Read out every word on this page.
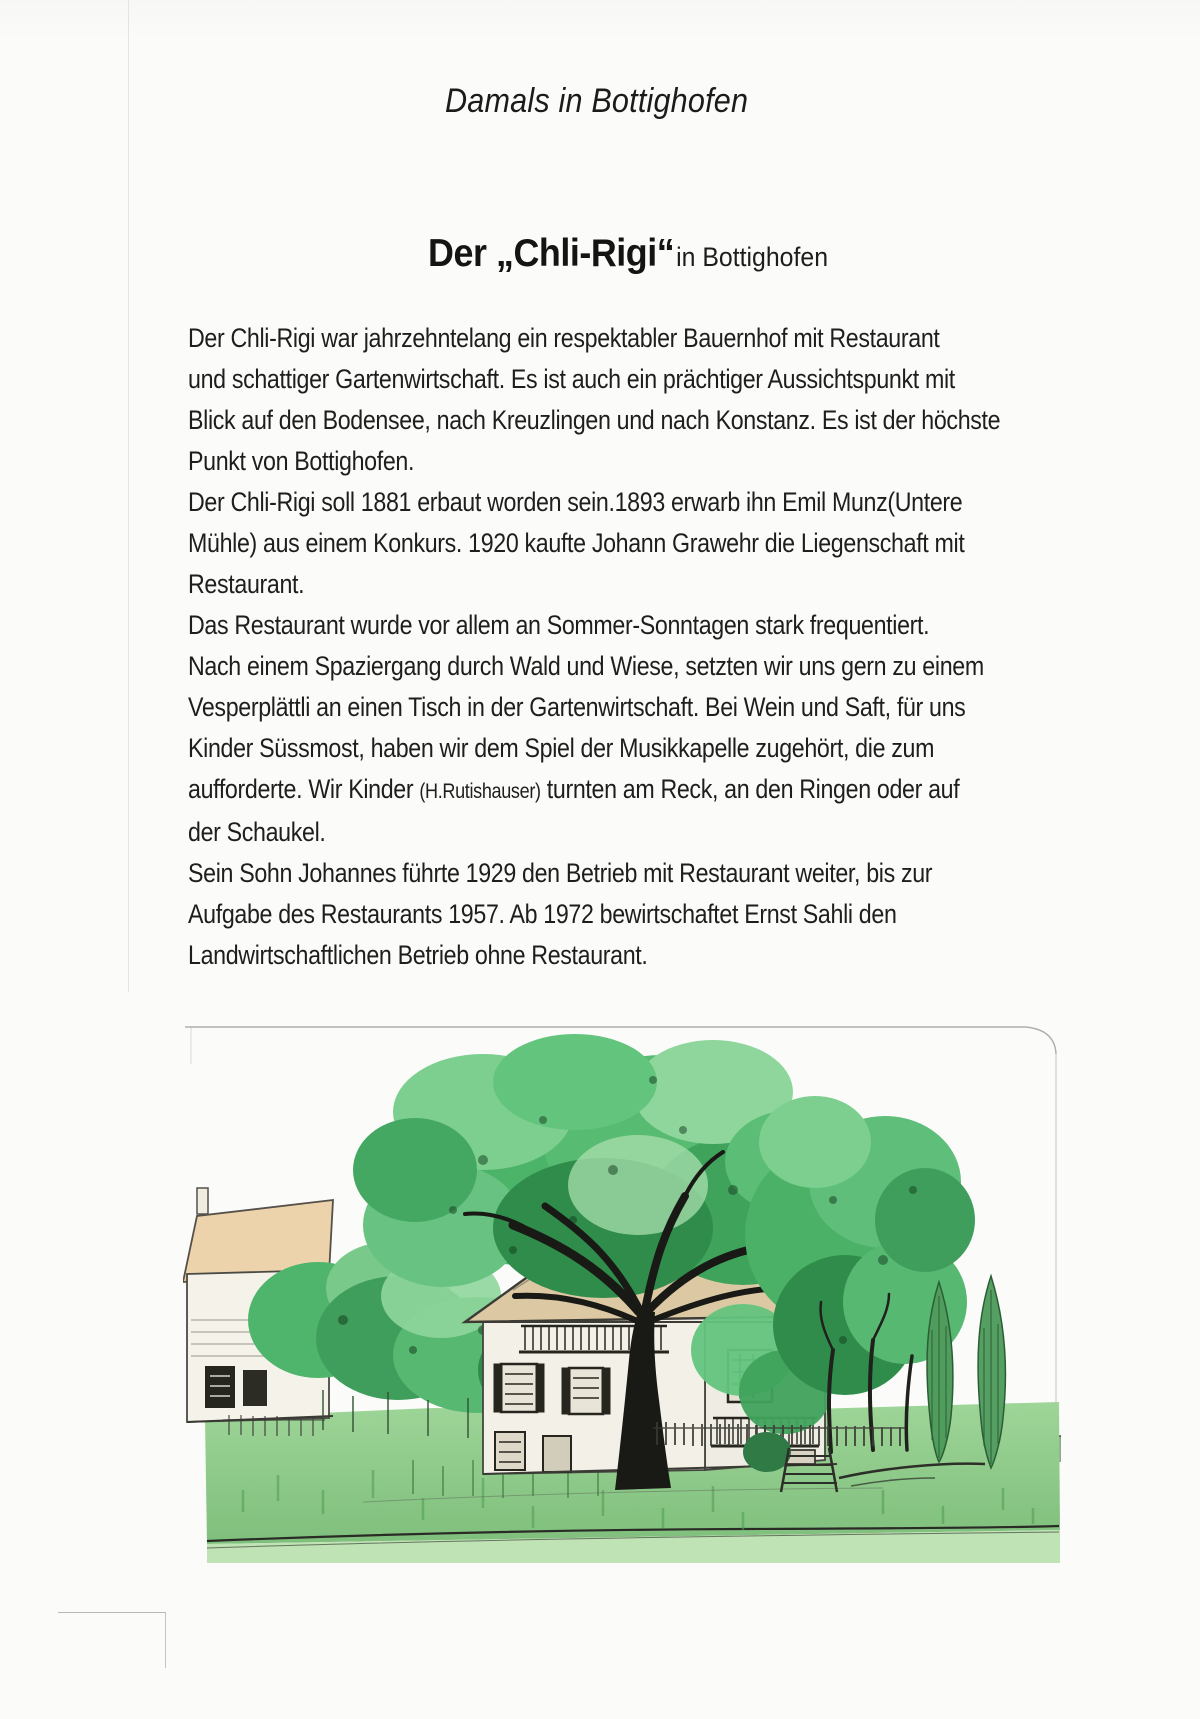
Damals in Bottighofen
Der „Chli-Rigi“in Bottighofen
Der Chli-Rigi war jahrzehntelang ein respektabler Bauernhof mit Restaurant
und schattiger Gartenwirtschaft. Es ist auch ein prächtiger Aussichtspunkt mit
Blick auf den Bodensee, nach Kreuzlingen und nach Konstanz. Es ist der höchste
Punkt von Bottighofen.
Der Chli-Rigi soll 1881 erbaut worden sein.1893 erwarb ihn Emil Munz(Untere
Mühle) aus einem Konkurs. 1920 kaufte Johann Grawehr die Liegenschaft mit
Restaurant.
Das Restaurant wurde vor allem an Sommer-Sonntagen stark frequentiert.
Nach einem Spaziergang durch Wald und Wiese, setzten wir uns gern zu einem
Vesperplättli an einen Tisch in der Gartenwirtschaft. Bei Wein und Saft, für uns
Kinder Süssmost, haben wir dem Spiel der Musikkapelle zugehört, die zum
aufforderte. Wir Kinder (H.Rutishauser) turnten am Reck, an den Ringen oder auf
der Schaukel.
Sein Sohn Johannes führte 1929 den Betrieb mit Restaurant weiter, bis zur
Aufgabe des Restaurants 1957. Ab 1972 bewirtschaftet Ernst Sahli den
Landwirtschaftlichen Betrieb ohne Restaurant.
